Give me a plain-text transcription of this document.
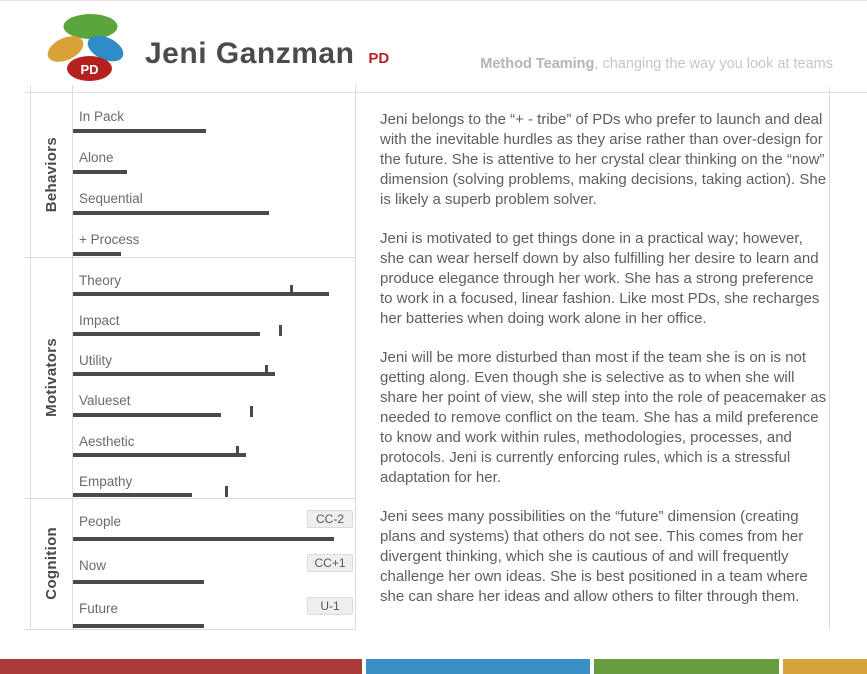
PD Jeni Ganzman PD	Method Teaming, changing the way you look at teams
Behaviors
In Pack
Alone
Sequential
+ Process
Motivators
Theory
Impact
Utility
Valueset
Aesthetic
Empathy
Cognition
People	CC-2
Now	CC+1
Future	U-1

Jeni belongs to the “+ - tribe” of PDs who prefer to launch and deal with the inevitable hurdles as they arise rather than over-design for the future. She is attentive to her crystal clear thinking on the “now” dimension (solving problems, making decisions, taking action). She is likely a superb problem solver.

Jeni is motivated to get things done in a practical way; however, she can wear herself down by also fulfilling her desire to learn and produce elegance through her work. She has a strong preference to work in a focused, linear fashion. Like most PDs, she recharges her batteries when doing work alone in her office.

Jeni will be more disturbed than most if the team she is on is not getting along. Even though she is selective as to when she will share her point of view, she will step into the role of peacemaker as needed to remove conflict on the team. She has a mild preference to know and work within rules, methodologies, processes, and protocols. Jeni is currently enforcing rules, which is a stressful adaptation for her.

Jeni sees many possibilities on the “future” dimension (creating plans and systems) that others do not see. This comes from her divergent thinking, which she is cautious of and will frequently challenge her own ideas. She is best positioned in a team where she can share her ideas and allow others to filter through them.
